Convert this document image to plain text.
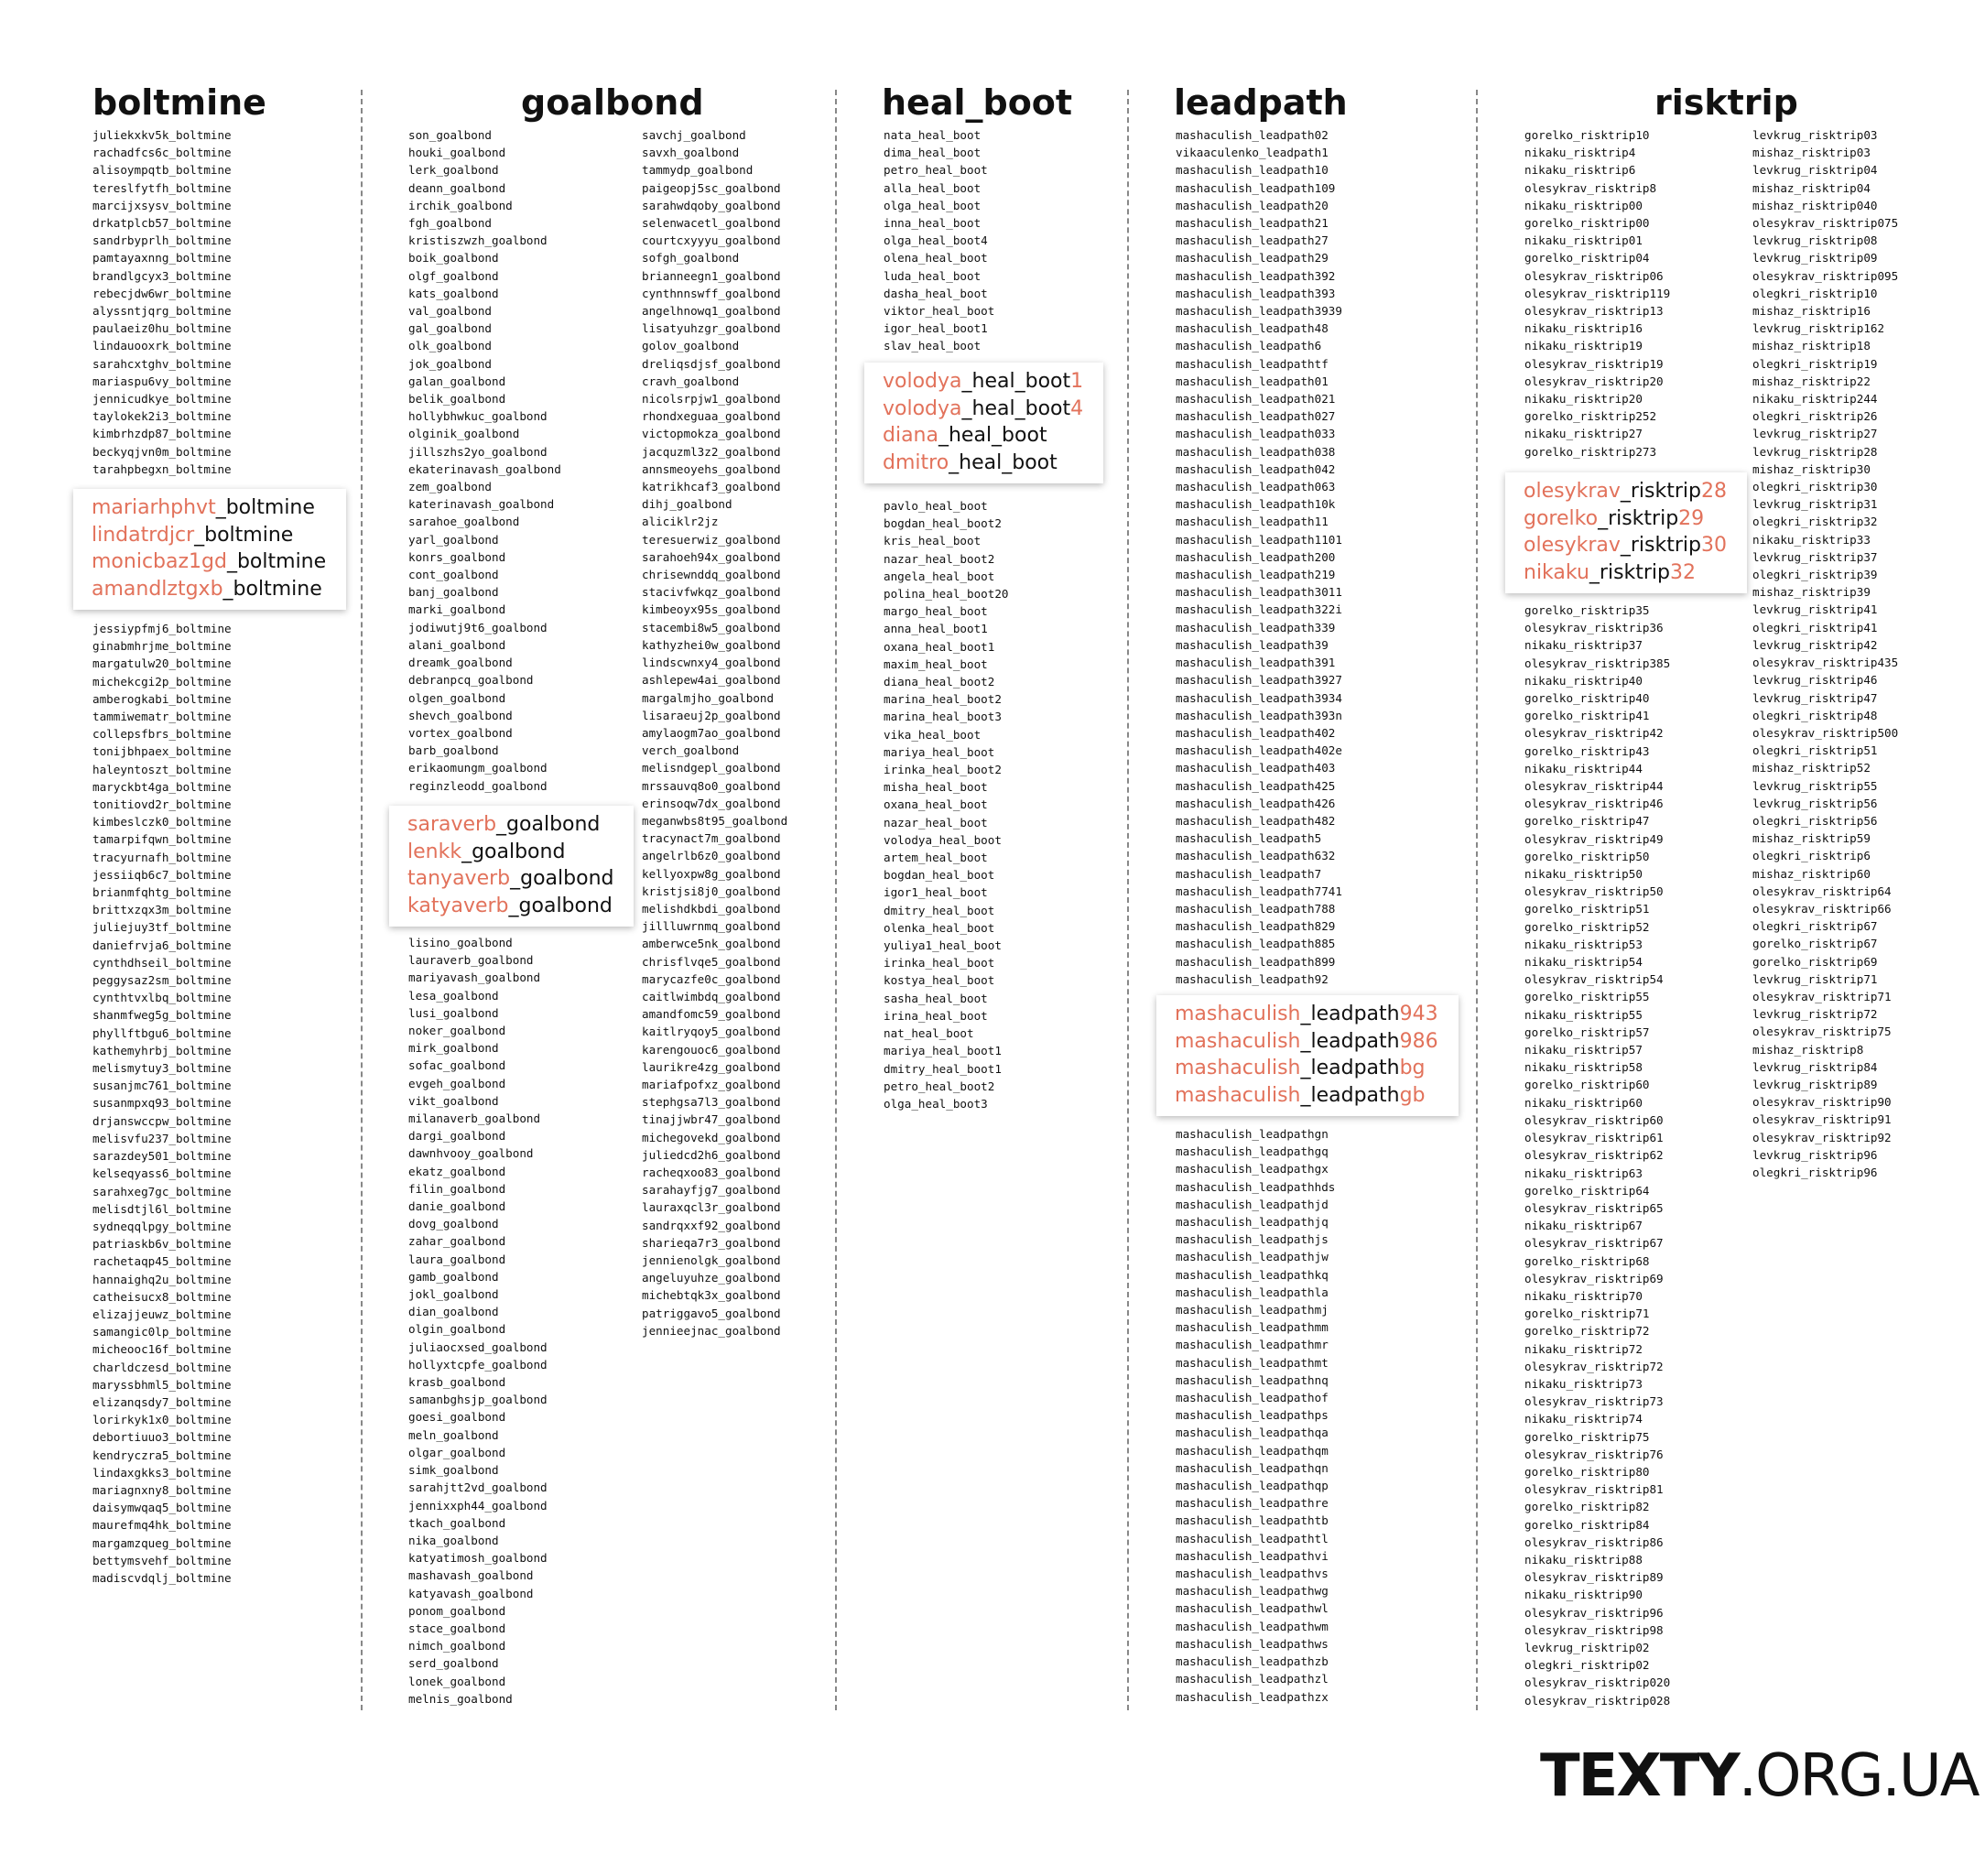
boltmine	goalbond	heal_boot	leadpath	risktrip
juliekxkv5k_boltmine
rachadfcs6c_boltmine
alisoympqtb_boltmine
tereslfytfh_boltmine
marcijxsysv_boltmine
drkatplcb57_boltmine
sandrbyprlh_boltmine
pamtayaxnng_boltmine
brandlgcyx3_boltmine
rebecjdw6wr_boltmine
alyssntjqrg_boltmine
paulaeiz0hu_boltmine
lindauooxrk_boltmine
sarahcxtghv_boltmine
mariaspu6vy_boltmine
jennicudkye_boltmine
taylokek2i3_boltmine
kimbrhzdp87_boltmine
beckyqjvn0m_boltmine
tarahpbegxn_boltmine
mariarhphvt_boltmine
lindatrdjcr_boltmine
monicbaz1gd_boltmine
amandlztgxb_boltmine
jessiypfmj6_boltmine
ginabmhrjme_boltmine
margatulw20_boltmine
michekcgi2p_boltmine
amberogkabi_boltmine
tammiwematr_boltmine
collepsfbrs_boltmine
tonijbhpaex_boltmine
haleyntoszt_boltmine
maryckbt4ga_boltmine
tonitiovd2r_boltmine
kimbeslczk0_boltmine
tamarpifqwn_boltmine
tracyurnafh_boltmine
jessiiqb6c7_boltmine
brianmfqhtg_boltmine
brittxzqx3m_boltmine
juliejuy3tf_boltmine
daniefrvja6_boltmine
cynthdhseil_boltmine
peggysaz2sm_boltmine
cynthtvxlbq_boltmine
shanmfweg5g_boltmine
phyllftbgu6_boltmine
kathemyhrbj_boltmine
melismytuy3_boltmine
susanjmc761_boltmine
susanmpxq93_boltmine
drjanswccpw_boltmine
melisvfu237_boltmine
sarazdey501_boltmine
kelseqyass6_boltmine
sarahxeg7gc_boltmine
melisdtjl6l_boltmine
sydneqqlpgy_boltmine
patriaskb6v_boltmine
rachetaqp45_boltmine
hannaighq2u_boltmine
catheisucx8_boltmine
elizajjeuwz_boltmine
samangic0lp_boltmine
micheooc16f_boltmine
charldczesd_boltmine
maryssbhml5_boltmine
elizanqsdy7_boltmine
lorirkyk1x0_boltmine
debortiuuo3_boltmine
kendryczra5_boltmine
lindaxgkks3_boltmine
mariagnxny8_boltmine
daisymwqaq5_boltmine
maurefmq4hk_boltmine
margamzqueg_boltmine
bettymsvehf_boltmine
madiscvdqlj_boltmine
son_goalbond
houki_goalbond
lerk_goalbond
deann_goalbond
irchik_goalbond
fgh_goalbond
kristiszwzh_goalbond
boik_goalbond
olgf_goalbond
kats_goalbond
val_goalbond
gal_goalbond
olk_goalbond
jok_goalbond
galan_goalbond
belik_goalbond
hollybhwkuc_goalbond
olginik_goalbond
jillszhs2yo_goalbond
ekaterinavash_goalbond
zem_goalbond
katerinavash_goalbond
sarahoe_goalbond
yarl_goalbond
konrs_goalbond
cont_goalbond
banj_goalbond
marki_goalbond
jodiwutj9t6_goalbond
alani_goalbond
dreamk_goalbond
debranpcq_goalbond
olgen_goalbond
shevch_goalbond
vortex_goalbond
barb_goalbond
erikaomungm_goalbond
reginzleodd_goalbond
saraverb_goalbond
lenkk_goalbond
tanyaverb_goalbond
katyaverb_goalbond
lisino_goalbond
lauraverb_goalbond
mariyavash_goalbond
lesa_goalbond
lusi_goalbond
noker_goalbond
mirk_goalbond
sofac_goalbond
evgeh_goalbond
vikt_goalbond
milanaverb_goalbond
dargi_goalbond
dawnhvooy_goalbond
ekatz_goalbond
filin_goalbond
danie_goalbond
dovg_goalbond
zahar_goalbond
laura_goalbond
gamb_goalbond
jokl_goalbond
dian_goalbond
olgin_goalbond
juliaocxsed_goalbond
hollyxtcpfe_goalbond
krasb_goalbond
samanbghsjp_goalbond
goesi_goalbond
meln_goalbond
olgar_goalbond
simk_goalbond
sarahjtt2vd_goalbond
jennixxph44_goalbond
tkach_goalbond
nika_goalbond
katyatimosh_goalbond
mashavash_goalbond
katyavash_goalbond
ponom_goalbond
stace_goalbond
nimch_goalbond
serd_goalbond
lonek_goalbond
melnis_goalbond
savchj_goalbond
savxh_goalbond
tammydp_goalbond
paigeopj5sc_goalbond
sarahwdqoby_goalbond
selenwacetl_goalbond
courtcxyyyu_goalbond
sofgh_goalbond
brianneegn1_goalbond
cynthnnswff_goalbond
angelhnowq1_goalbond
lisatyuhzgr_goalbond
golov_goalbond
dreliqsdjsf_goalbond
cravh_goalbond
nicolsrpjw1_goalbond
rhondxeguaa_goalbond
victopmokza_goalbond
jacquzml3z2_goalbond
annsmeoyehs_goalbond
katrikhcaf3_goalbond
dihj_goalbond
aliciklr2jz
teresuerwiz_goalbond
sarahoeh94x_goalbond
chrisewnddq_goalbond
stacivfwkqz_goalbond
kimbeoyx95s_goalbond
stacembi8w5_goalbond
kathyzhei0w_goalbond
lindscwnxy4_goalbond
ashlepew4ai_goalbond
margalmjho_goalbond
lisaraeuj2p_goalbond
amylaogm7ao_goalbond
verch_goalbond
melisndgepl_goalbond
mrssauvq8o0_goalbond
erinsoqw7dx_goalbond
meganwbs8t95_goalbond
tracynact7m_goalbond
angelrlb6z0_goalbond
kellyoxpw8g_goalbond
kristjsi8j0_goalbond
melishdkbdi_goalbond
jillluwrnmq_goalbond
amberwce5nk_goalbond
chrisflvqe5_goalbond
marycazfe0c_goalbond
caitlwimbdq_goalbond
amandfomc59_goalbond
kaitlryqoy5_goalbond
karengouoc6_goalbond
laurikre4zg_goalbond
mariafpofxz_goalbond
stephgsa7l3_goalbond
tinajjwbr47_goalbond
michegovekd_goalbond
juliedcd2h6_goalbond
racheqxoo83_goalbond
sarahayfjg7_goalbond
lauraxqcl3r_goalbond
sandrqxxf92_goalbond
sharieqa7r3_goalbond
jennienolgk_goalbond
angeluyuhze_goalbond
michebtqk3x_goalbond
patriggavo5_goalbond
jennieejnac_goalbond
nata_heal_boot
dima_heal_boot
petro_heal_boot
alla_heal_boot
olga_heal_boot
inna_heal_boot
olga_heal_boot4
olena_heal_boot
luda_heal_boot
dasha_heal_boot
viktor_heal_boot
igor_heal_boot1
slav_heal_boot
volodya_heal_boot1
volodya_heal_boot4
diana_heal_boot
dmitro_heal_boot
pavlo_heal_boot
bogdan_heal_boot2
kris_heal_boot
nazar_heal_boot2
angela_heal_boot
polina_heal_boot20
margo_heal_boot
anna_heal_boot1
oxana_heal_boot1
maxim_heal_boot
diana_heal_boot2
marina_heal_boot2
marina_heal_boot3
vika_heal_boot
mariya_heal_boot
irinka_heal_boot2
misha_heal_boot
oxana_heal_boot
nazar_heal_boot
volodya_heal_boot
artem_heal_boot
bogdan_heal_boot
igor1_heal_boot
dmitry_heal_boot
olenka_heal_boot
yuliya1_heal_boot
irinka_heal_boot
kostya_heal_boot
sasha_heal_boot
irina_heal_boot
nat_heal_boot
mariya_heal_boot1
dmitry_heal_boot1
petro_heal_boot2
olga_heal_boot3
mashaculish_leadpath02
vikaaculenko_leadpath1
mashaculish_leadpath10
mashaculish_leadpath109
mashaculish_leadpath20
mashaculish_leadpath21
mashaculish_leadpath27
mashaculish_leadpath29
mashaculish_leadpath392
mashaculish_leadpath393
mashaculish_leadpath3939
mashaculish_leadpath48
mashaculish_leadpath6
mashaculish_leadpathtf
mashaculish_leadpath01
mashaculish_leadpath021
mashaculish_leadpath027
mashaculish_leadpath033
mashaculish_leadpath038
mashaculish_leadpath042
mashaculish_leadpath063
mashaculish_leadpath10k
mashaculish_leadpath11
mashaculish_leadpath1101
mashaculish_leadpath200
mashaculish_leadpath219
mashaculish_leadpath3011
mashaculish_leadpath322i
mashaculish_leadpath339
mashaculish_leadpath39
mashaculish_leadpath391
mashaculish_leadpath3927
mashaculish_leadpath3934
mashaculish_leadpath393n
mashaculish_leadpath402
mashaculish_leadpath402e
mashaculish_leadpath403
mashaculish_leadpath425
mashaculish_leadpath426
mashaculish_leadpath482
mashaculish_leadpath5
mashaculish_leadpath632
mashaculish_leadpath7
mashaculish_leadpath7741
mashaculish_leadpath788
mashaculish_leadpath829
mashaculish_leadpath885
mashaculish_leadpath899
mashaculish_leadpath92
mashaculish_leadpath943
mashaculish_leadpath986
mashaculish_leadpathbg
mashaculish_leadpathgb
mashaculish_leadpathgn
mashaculish_leadpathgq
mashaculish_leadpathgx
mashaculish_leadpathhds
mashaculish_leadpathjd
mashaculish_leadpathjq
mashaculish_leadpathjs
mashaculish_leadpathjw
mashaculish_leadpathkq
mashaculish_leadpathla
mashaculish_leadpathmj
mashaculish_leadpathmm
mashaculish_leadpathmr
mashaculish_leadpathmt
mashaculish_leadpathnq
mashaculish_leadpathof
mashaculish_leadpathps
mashaculish_leadpathqa
mashaculish_leadpathqm
mashaculish_leadpathqn
mashaculish_leadpathqp
mashaculish_leadpathre
mashaculish_leadpathtb
mashaculish_leadpathtl
mashaculish_leadpathvi
mashaculish_leadpathvs
mashaculish_leadpathwg
mashaculish_leadpathwl
mashaculish_leadpathwm
mashaculish_leadpathws
mashaculish_leadpathzb
mashaculish_leadpathzl
mashaculish_leadpathzx
gorelko_risktrip10
nikaku_risktrip4
nikaku_risktrip6
olesykrav_risktrip8
nikaku_risktrip00
gorelko_risktrip00
nikaku_risktrip01
gorelko_risktrip04
olesykrav_risktrip06
olesykrav_risktrip119
olesykrav_risktrip13
nikaku_risktrip16
nikaku_risktrip19
olesykrav_risktrip19
olesykrav_risktrip20
nikaku_risktrip20
gorelko_risktrip252
nikaku_risktrip27
gorelko_risktrip273
olesykrav_risktrip28
gorelko_risktrip29
olesykrav_risktrip30
nikaku_risktrip32
gorelko_risktrip35
olesykrav_risktrip36
nikaku_risktrip37
olesykrav_risktrip385
nikaku_risktrip40
gorelko_risktrip40
gorelko_risktrip41
olesykrav_risktrip42
gorelko_risktrip43
nikaku_risktrip44
olesykrav_risktrip44
olesykrav_risktrip46
gorelko_risktrip47
olesykrav_risktrip49
gorelko_risktrip50
nikaku_risktrip50
olesykrav_risktrip50
gorelko_risktrip51
gorelko_risktrip52
nikaku_risktrip53
nikaku_risktrip54
olesykrav_risktrip54
gorelko_risktrip55
nikaku_risktrip55
gorelko_risktrip57
nikaku_risktrip57
nikaku_risktrip58
gorelko_risktrip60
nikaku_risktrip60
olesykrav_risktrip60
olesykrav_risktrip61
olesykrav_risktrip62
nikaku_risktrip63
gorelko_risktrip64
olesykrav_risktrip65
nikaku_risktrip67
olesykrav_risktrip67
gorelko_risktrip68
olesykrav_risktrip69
nikaku_risktrip70
gorelko_risktrip71
gorelko_risktrip72
nikaku_risktrip72
olesykrav_risktrip72
nikaku_risktrip73
olesykrav_risktrip73
nikaku_risktrip74
gorelko_risktrip75
olesykrav_risktrip76
gorelko_risktrip80
olesykrav_risktrip81
gorelko_risktrip82
gorelko_risktrip84
olesykrav_risktrip86
nikaku_risktrip88
olesykrav_risktrip89
nikaku_risktrip90
olesykrav_risktrip96
olesykrav_risktrip98
levkrug_risktrip02
olegkri_risktrip02
olesykrav_risktrip020
olesykrav_risktrip028
levkrug_risktrip03
mishaz_risktrip03
levkrug_risktrip04
mishaz_risktrip04
mishaz_risktrip040
olesykrav_risktrip075
levkrug_risktrip08
levkrug_risktrip09
olesykrav_risktrip095
olegkri_risktrip10
mishaz_risktrip16
levkrug_risktrip162
mishaz_risktrip18
olegkri_risktrip19
mishaz_risktrip22
nikaku_risktrip244
olegkri_risktrip26
levkrug_risktrip27
levkrug_risktrip28
mishaz_risktrip30
olegkri_risktrip30
levkrug_risktrip31
olegkri_risktrip32
nikaku_risktrip33
levkrug_risktrip37
olegkri_risktrip39
mishaz_risktrip39
levkrug_risktrip41
olegkri_risktrip41
levkrug_risktrip42
olesykrav_risktrip435
levkrug_risktrip46
levkrug_risktrip47
olegkri_risktrip48
olesykrav_risktrip500
olegkri_risktrip51
mishaz_risktrip52
levkrug_risktrip55
levkrug_risktrip56
olegkri_risktrip56
mishaz_risktrip59
olegkri_risktrip6
mishaz_risktrip60
olesykrav_risktrip64
olesykrav_risktrip66
olegkri_risktrip67
gorelko_risktrip67
gorelko_risktrip69
levkrug_risktrip71
olesykrav_risktrip71
levkrug_risktrip72
olesykrav_risktrip75
mishaz_risktrip8
levkrug_risktrip84
levkrug_risktrip89
olesykrav_risktrip90
olesykrav_risktrip91
olesykrav_risktrip92
levkrug_risktrip96
olegkri_risktrip96
TEXTY.ORG.UA
